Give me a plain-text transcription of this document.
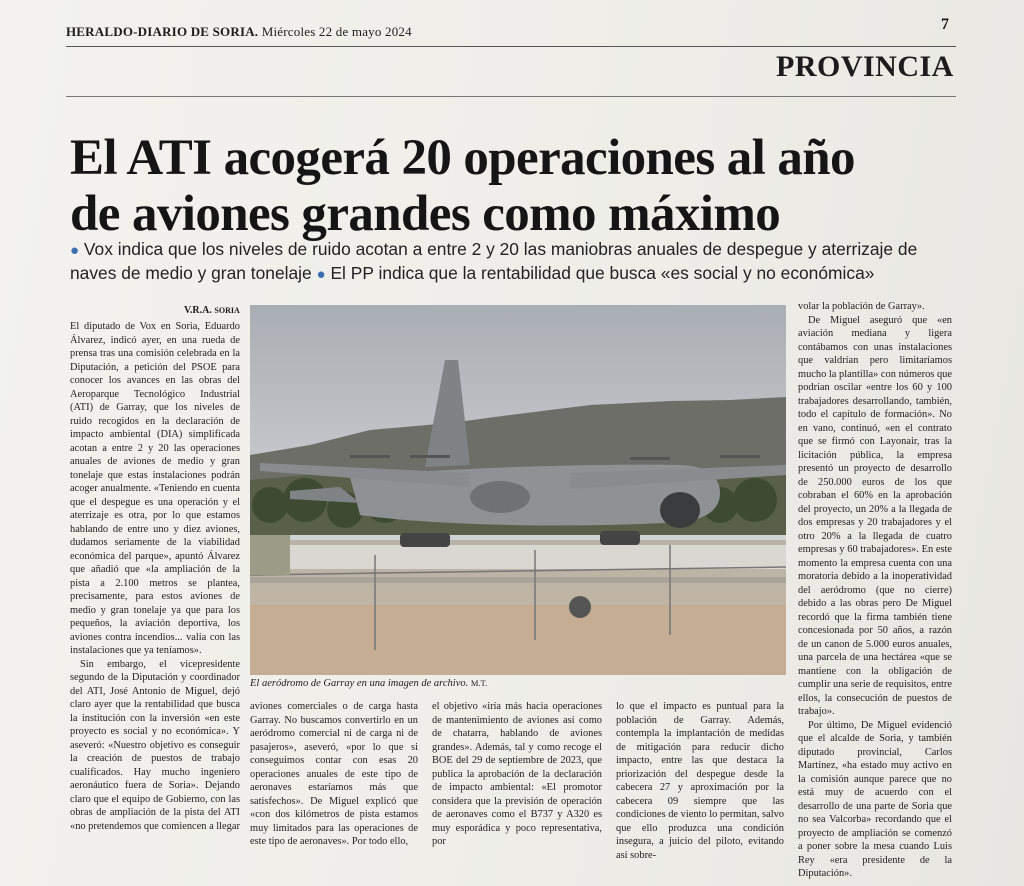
HERALDO-DIARIO DE SORIA. Miércoles 22 de mayo 2024	7
PROVINCIA
El ATI acogerá 20 operaciones al año
de aviones grandes como máximo
● Vox indica que los niveles de ruido acotan a entre 2 y 20 las maniobras anuales de despegue y aterrizaje de naves de medio y gran tonelaje ● El PP indica que la rentabilidad que busca «es social y no económica»
V.R.A. SORIA

El diputado de Vox en Soria, Eduardo Álvarez, indicó ayer, en una rueda de prensa tras una comisión celebrada en la Diputación, a petición del PSOE para conocer los avances en las obras del Aeroparque Tecnológico Industrial (ATI) de Garray, que los niveles de ruido recogidos en la declaración de impacto ambiental (DIA) simplificada acotan a entre 2 y 20 las operaciones anuales de aviones de medio y gran tonelaje que estas instalaciones podrán acoger anualmente. «Teniendo en cuenta que el despegue es una operación y el aterrizaje es otra, por lo que estamos hablando de entre uno y diez aviones, dudamos seriamente de la viabilidad económica del parque», apuntó Álvarez que añadió que «la ampliación de la pista a 2.100 metros se plantea, precisamente, para estos aviones de medio y gran tonelaje ya que para los pequeños, la aviación deportiva, los aviones contra incendios... valía con las instalaciones que ya teníamos».

Sin embargo, el vicepresidente segundo de la Diputación y coordinador del ATI, José Antonio de Miguel, dejó claro ayer que la rentabilidad que busca la institución con la inversión «en este proyecto es social y no económica». Y aseveró: «Nuestro objetivo es conseguir la creación de puestos de trabajo cualificados. Hay mucho ingeniero aeronáutico fuera de Soria». Dejando claro que el equipo de Gobierno, con las obras de ampliación de la pista del ATI «no pretendemos que comiencen a llegar

El aeródromo de Garray en una imagen de archivo. M.T.

aviones comerciales o de carga hasta Garray. No buscamos convertirlo en un aeródromo comercial ni de carga ni de pasajeros», aseveró, «por lo que si conseguimos contar con esas 20 operaciones anuales de este tipo de aeronaves estaríamos más que satisfechos». De Miguel explicó que «con dos kilómetros de pista estamos muy limitados para las operaciones de este tipo de aeronaves». Por todo ello,

el objetivo «iría más hacia operaciones de mantenimiento de aviones así como de chatarra, hablando de aviones grandes». Además, tal y como recoge el BOE del 29 de septiembre de 2023, que publica la aprobación de la declaración de impacto ambiental: «El promotor considera que la previsión de operación de aeronaves como el B737 y A320 es muy esporádica y poco representativa, por

lo que el impacto es puntual para la población de Garray. Además, contempla la implantación de medidas de mitigación para reducir dicho impacto, entre las que destaca la priorización del despegue desde la cabecera 27 y aproximación por la cabecera 09 siempre que las condiciones de viento lo permitan, salvo que ello produzca una condición insegura, a juicio del piloto, evitando así sobre-

volar la población de Garray».

De Miguel aseguró que «en aviación mediana y ligera contábamos con unas instalaciones que valdrían pero limitaríamos mucho la plantilla» con números que podrían oscilar «entre los 60 y 100 trabajadores desarrollando, también, todo el capítulo de formación». No en vano, continuó, «en el contrato que se firmó con Layonair, tras la licitación pública, la empresa presentó un proyecto de desarrollo de 250.000 euros de los que cobraban el 60% en la aprobación del proyecto, un 20% a la llegada de dos empresas y 20 trabajadores y el otro 20% a la llegada de cuatro empresas y 60 trabajadores». En este momento la empresa cuenta con una moratoria debido a la inoperatividad del aeródromo (que no cierre) debido a las obras pero De Miguel recordó que la firma también tiene concesionada por 50 años, a razón de un canon de 5.000 euros anuales, una parcela de una hectárea «que se mantiene con la obligación de cumplir una serie de requisitos, entre ellos, la consecución de puestos de trabajo».

Por último, De Miguel evidenció que el alcalde de Soria, y también diputado provincial, Carlos Martínez, «ha estado muy activo en la comisión aunque parece que no está muy de acuerdo con el desarrollo de una parte de Soria que no sea Valcorba» recordando que el proyecto de ampliación se comenzó a poner sobre la mesa cuando Luis Rey «era presidente de la Diputación».
